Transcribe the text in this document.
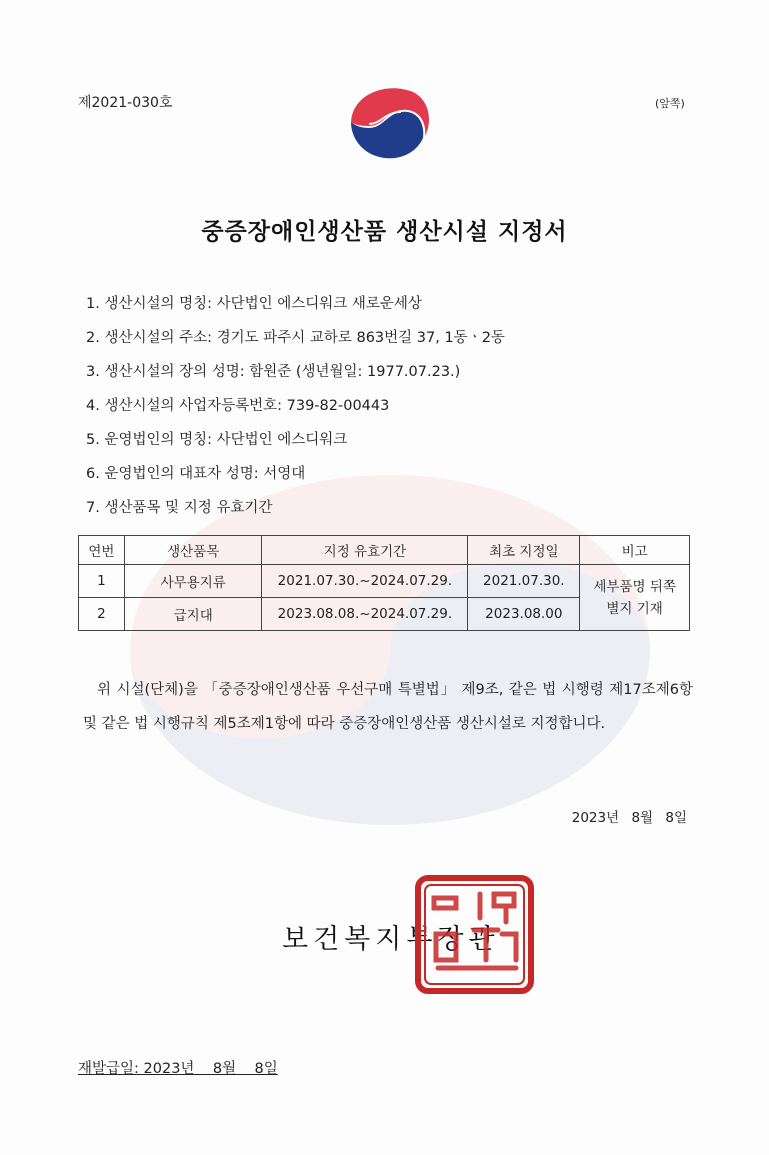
제2021-030호	(앞쪽)
중증장애인생산품 생산시설 지정서
1. 생산시설의 명칭: 사단법인 에스디워크 새로운세상
2. 생산시설의 주소: 경기도 파주시 교하로 863번길 37, 1동ㆍ2동
3. 생산시설의 장의 성명: 함원준 (생년월일: 1977.07.23.)
4. 생산시설의 사업자등록번호: 739-82-00443
5. 운영법인의 명칭: 사단법인 에스디워크
6. 운영법인의 대표자 성명: 서영대
7. 생산품목 및 지정 유효기간
연번	생산품목	지정 유효기간	최초 지정일	비고
1	사무용지류	2021.07.30.~2024.07.29.	2021.07.30.	세부품명 뒤쪽
별지 기재
2	급지대	2023.08.08.~2024.07.29.	2023.08.00	
위 시설(단체)을 「중증장애인생산품 우선구매 특별법」 제9조, 같은 법 시행령 제17조제6항 및 같은 법 시행규칙 제5조제1항에 따라 중증장애인생산품 생산시설로 지정합니다.
2023년 8월 8일
보건복지부장관
재발급일: 2023년    8월    8일
